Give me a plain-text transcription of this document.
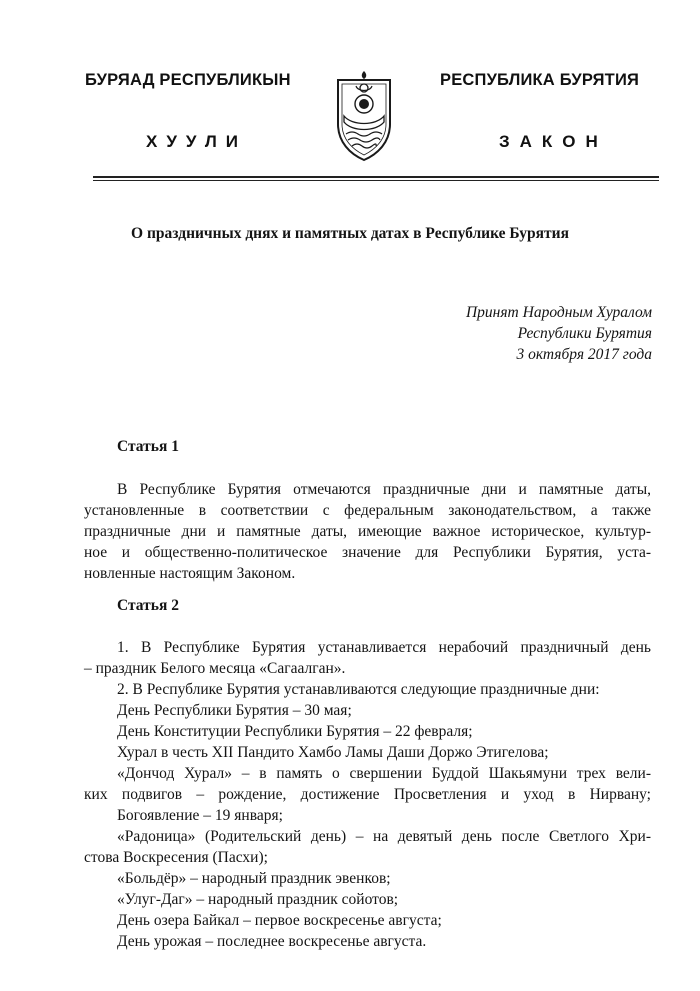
БУРЯАД РЕСПУБЛИКЫН
ХУУЛИ
РЕСПУБЛИКА БУРЯТИЯ
ЗАКОН
О праздничных днях и памятных датах в Республике Бурятия
Принят Народным Хуралом
Республики Бурятия
3 октября 2017 года
Статья 1
В Республике Бурятия отмечаются праздничные дни и памятные даты,
установленные в соответствии с федеральным законодательством, а также
праздничные дни и памятные даты, имеющие важное историческое, культур-
ное и общественно-политическое значение для Республики Бурятия, уста-
новленные настоящим Законом.
Статья 2
1. В Республике Бурятия устанавливается нерабочий праздничный день
– праздник Белого месяца «Сагаалган».
2. В Республике Бурятия устанавливаются следующие праздничные дни:
День Республики Бурятия – 30 мая;
День Конституции Республики Бурятия – 22 февраля;
Хурал в честь XII Пандито Хамбо Ламы Даши Доржо Этигелова;
«Дончод Хурал» – в память о свершении Буддой Шакьямуни трех вели-
ких подвигов – рождение, достижение Просветления и уход в Нирвану;
Богоявление – 19 января;
«Радоница» (Родительский день) – на девятый день после Светлого Хри-
стова Воскресения (Пасхи);
«Больдёр» – народный праздник эвенков;
«Улуг-Даг» – народный праздник сойотов;
День озера Байкал – первое воскресенье августа;
День урожая – последнее воскресенье августа.
